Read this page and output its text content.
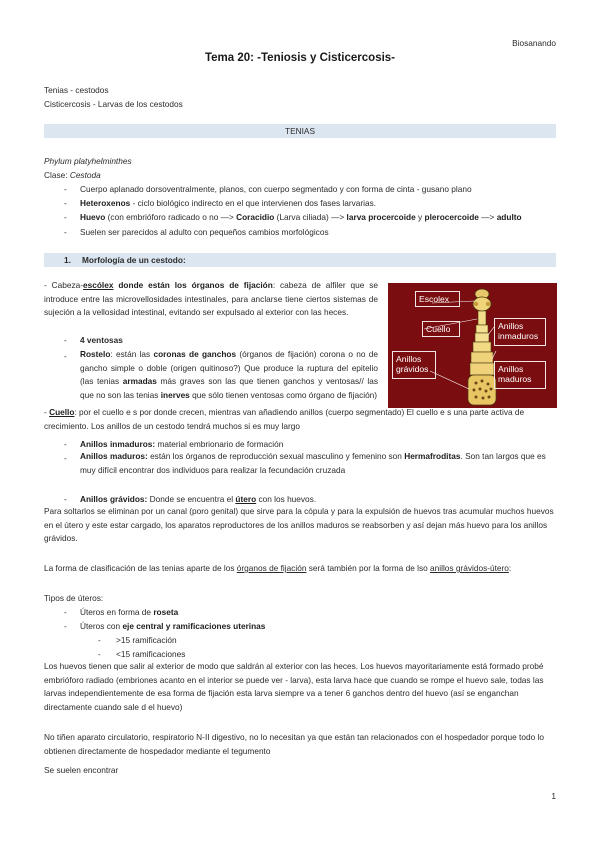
Biosanando
Tema 20: -Teniosis y Cisticercosis-
Tenias - cestodos
Cisticercosis - Larvas de los cestodos
TENIAS
Phylum platyhelminthes
Clase: Cestoda
- Cuerpo aplanado dorsoventralmente, planos, con cuerpo segmentado y con forma de cinta - gusano plano
- Heteroxenos - ciclo biológico indirecto en el que intervienen dos fases larvarias.
- Huevo (con embrióforo radicado o no —> Coracidio (Larva ciliada) —> larva procercoide y plerocercoide —> adulto
- Suelen ser parecidos al adulto con pequeños cambios morfológicos
1. Morfología de un cestodo:
- Cabeza-escólex donde están los órganos de fijación: cabeza de alfiler que se introduce entre las microvellosidades intestinales, para anclarse tiene ciertos sistemas de sujeción a la vellosidad intestinal, evitando ser expulsado al exterior con las heces.
- 4 ventosas
- Rostelo: están las coronas de ganchos (órganos de fijación) corona o no de gancho simple o doble (origen quitinoso?) Que produce la ruptura del epitelio (las tenias armadas más graves son las que tienen ganchos y ventosas// las que no son las tenias inerves que sólo tienen ventosas como órgano de fijación)
Escolex
Cuello	Anillos inmaduros
Anillos maduros
Anillos grávidos
- Cuello: por el cuello e s por donde crecen, mientras van añadiendo anillos (cuerpo segmentado) El cuello e s una parte activa de crecimiento. Los anillos de un cestodo tendrá muchos si es muy largo
- Anillos inmaduros: material embrionario de formación
- Anillos maduros: están los órganos de reproducción sexual masculino y femenino son Hermafroditas. Son tan largos que es muy difícil encontrar dos individuos para realizar la fecundación cruzada
- Anillos grávidos: Donde se encuentra el útero con los huevos.
Para soltarlos se eliminan por un canal (poro genital) que sirve para la cópula y para la expulsión de huevos tras acumular muchos huevos en el útero y este estar cargado, los aparatos reproductores de los anillos maduros se reabsorben y así dejan más huevo para los anillos grávidos.
La forma de clasificación de las tenias aparte de los órganos de fijación será también por la forma de lso anillos grávidos-útero:
Tipos de úteros:
- Úteros en forma de roseta
- Úteros con eje central y ramificaciones uterinas
- >15 ramificación
- <15 ramificaciones
Los huevos tienen que salir al exterior de modo que saldrán al exterior con las heces. Los huevos mayoritariamente está formado probé embrióforo radiado (embriones acanto en el interior se puede ver - larva), esta larva hace que cuando se rompe el huevo sale, todas las larvas independientemente de esa forma de fijación esta larva siempre va a tener 6 ganchos dentro del huevo (así se enganchan directamente cuando sale d el huevo)
No tiñen aparato circulatorio, respiratorio N-II digestivo, no lo necesitan ya que están tan relacionados con el hospedador porque todo lo obtienen directamente de hospedador mediante el tegumento
Se suelen encontrar
1
